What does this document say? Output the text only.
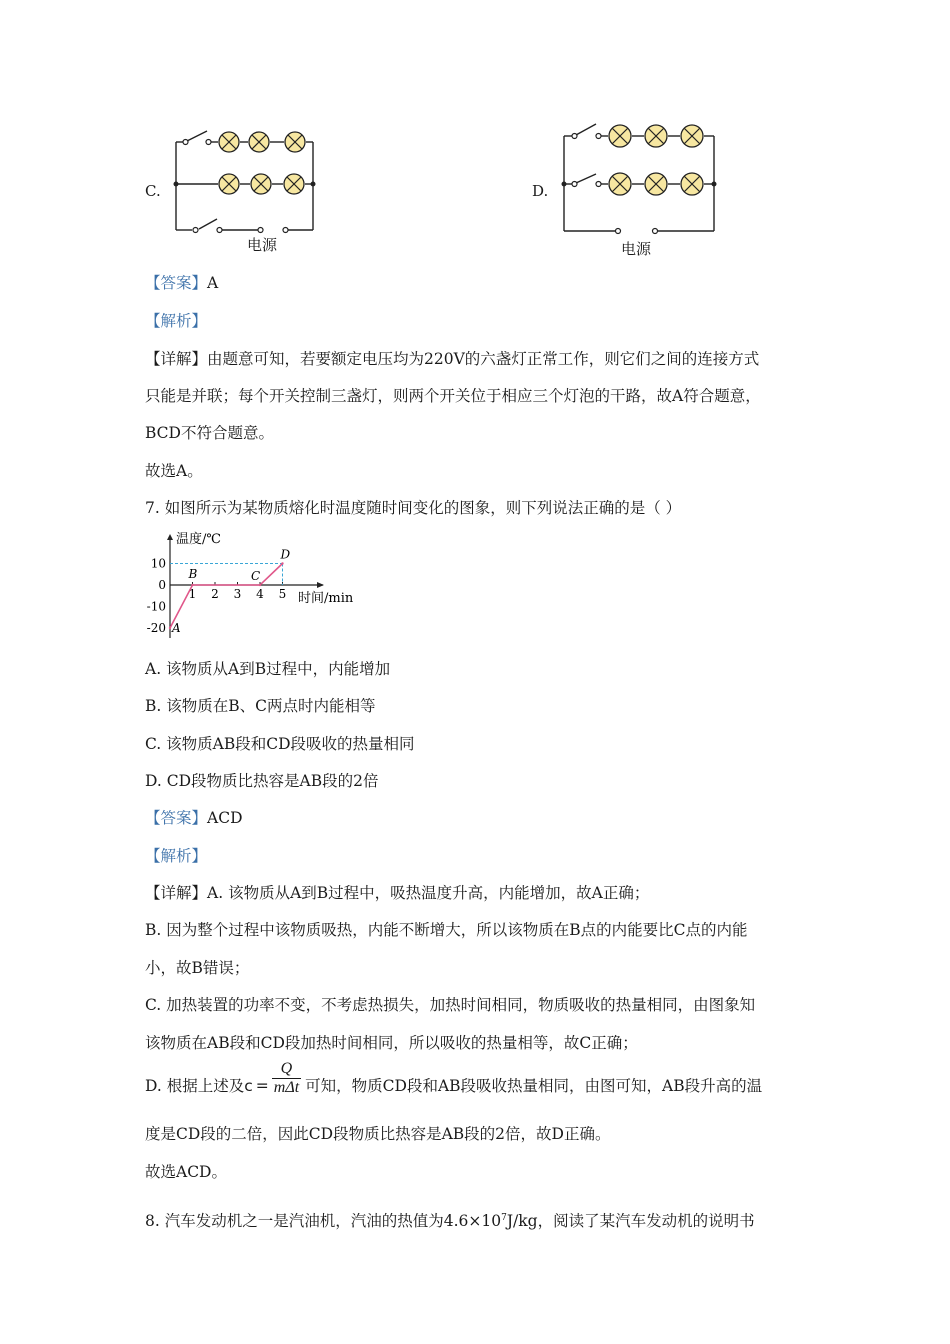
C.
电源
D.
电源
【答案】A
【解析】
【详解】由题意可知，若要额定电压均为220V的六盏灯正常工作，则它们之间的连接方式
只能是并联；每个开关控制三盏灯，则两个开关位于相应三个灯泡的干路，故A符合题意，
BCD不符合题意。
故选A。
7. 如图所示为某物质熔化时温度随时间变化的图象，则下列说法正确的是（ ）
温度/℃
时间/min
10
0
-10
-20
1 2 3 4 5
A
B	C
D
A. 该物质从A到B过程中，内能增加
B. 该物质在B、C两点时内能相等
C. 该物质AB段和CD段吸收的热量相同
D. CD段物质比热容是AB段的2倍
【答案】ACD
【解析】
【详解】A. 该物质从A到B过程中，吸热温度升高，内能增加，故A正确；
B. 因为整个过程中该物质吸热，内能不断增大，所以该物质在B点的内能要比C点的内能
小，故B错误；
C. 加热装置的功率不变，不考虑热损失，加热时间相同，物质吸收的热量相同，由图象知
该物质在AB段和CD段加热时间相同，所以吸收的热量相等，故C正确；
D. 根据上述及c =
Q
mΔt 可知，物质CD段和AB段吸收热量相同，由图可知，AB段升高的温
度是CD段的二倍，因此CD段物质比热容是AB段的2倍，故D正确。
故选ACD。
8. 汽车发动机之一是汽油机，汽油的热值为$4.6\times 10^7J/kg$，阅读了某汽车发动机的说明书
